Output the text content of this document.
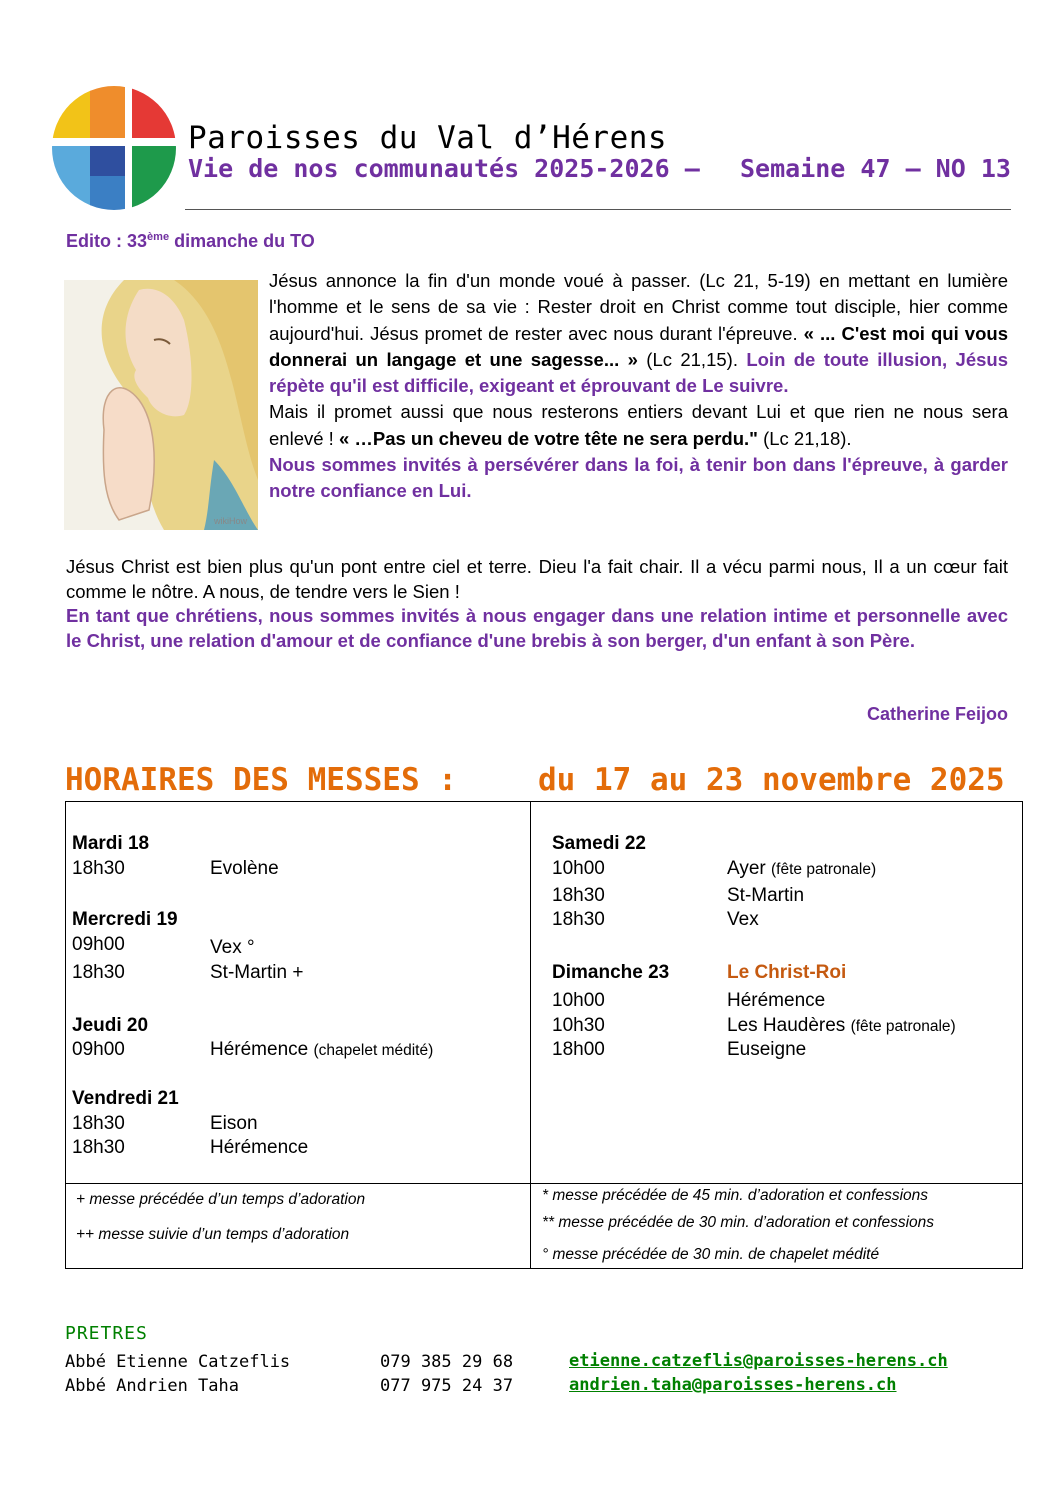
Paroisses du Val d’Hérens
Vie de nos communautés 2025-2026 – Semaine 47 – NO 13
Edito : 33ème dimanche du TO
wikiHow
Jésus annonce la fin d'un monde voué à passer. (Lc 21, 5-19) en mettant en lumière l'homme et le sens de sa vie : Rester droit en Christ comme tout disciple, hier comme aujourd'hui. Jésus promet de rester avec nous durant l'épreuve. « ... C'est moi qui vous donnerai un langage et une sagesse... » (Lc 21,15). Loin de toute illusion, Jésus répète qu'il est difficile, exigeant et éprouvant de Le suivre.
Mais il promet aussi que nous resterons entiers devant Lui et que rien ne nous sera enlevé ! « …Pas un cheveu de votre tête ne sera perdu." (Lc 21,18).
Nous sommes invités à persévérer dans la foi, à tenir bon dans l'épreuve, à garder notre confiance en Lui.
Jésus Christ est bien plus qu'un pont entre ciel et terre. Dieu l'a fait chair. Il a vécu parmi nous, Il a un cœur fait comme le nôtre. A nous, de tendre vers le Sien !
En tant que chrétiens, nous sommes invités à nous engager dans une relation intime et personnelle avec le Christ, une relation d'amour et de confiance d'une brebis à son berger, d'un enfant à son Père.
Catherine Feijoo
HORAIRES DES MESSES :	du 17 au 23 novembre 2025
Mardi 18
18h30	Evolène
Mercredi 19
09h00	Vex °
18h30	St-Martin +
Jeudi 20
09h00	Hérémence (chapelet médité)
Vendredi 21
18h30	Eison
18h30	Hérémence
Samedi 22
10h00	Ayer (fête patronale)
18h30	St-Martin
18h30	Vex
Dimanche 23	Le Christ-Roi
10h00	Hérémence
10h30	Les Haudères (fête patronale)
18h00	Euseigne
+ messe précédée d’un temps d’adoration
++ messe suivie d’un temps d’adoration
* messe précédée de 45 min. d’adoration et confessions
** messe précédée de 30 min. d’adoration et confessions
° messe précédée de 30 min. de chapelet médité
PRETRES
Abbé Etienne Catzeflis	079 385 29 68	etienne.catzeflis@paroisses-herens.ch
Abbé Andrien Taha	077 975 24 37	andrien.taha@paroisses-herens.ch
